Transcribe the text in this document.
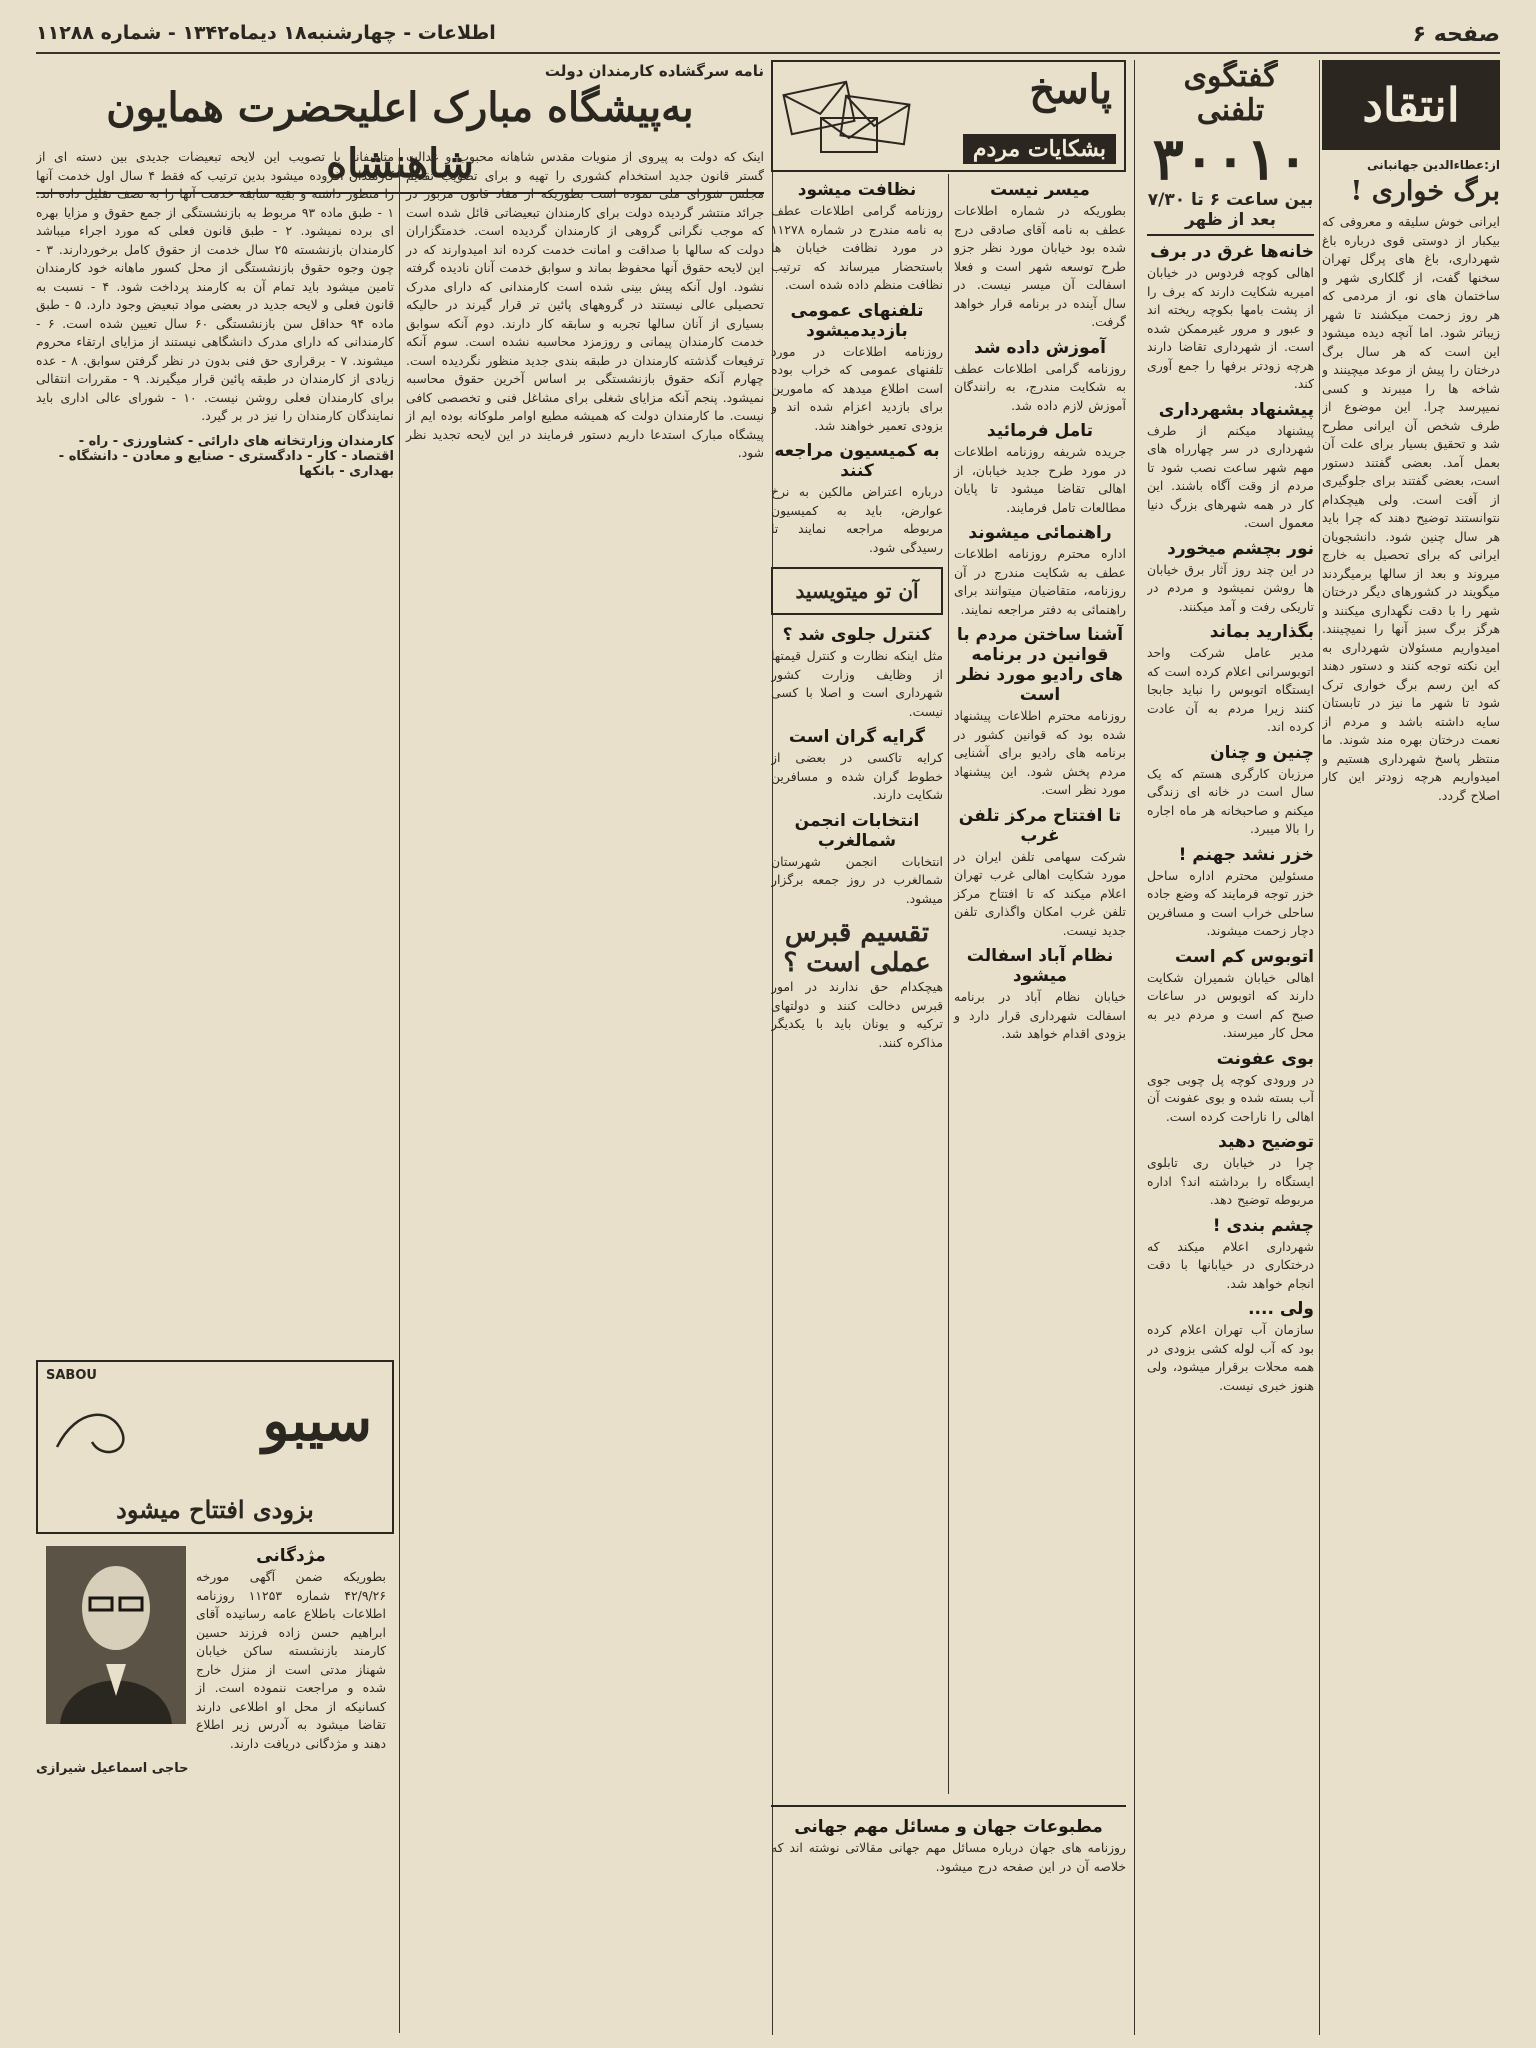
صفحه ۶
اطلاعات - چهارشنبه۱۸ دیماه۱۳۴۲ - شماره ۱۱۲۸۸
انتقاد
از:عطاءالدین جهانبانی
برگ خواری !
ایرانی خوش سلیقه و معروفی که بیکبار از دوستی قوی درباره باغ شهرداری، باغ های پرگل تهران سخنها گفت، از گلکاری شهر و ساختمان های نو، از مردمی که هر روز زحمت میکشند تا شهر زیباتر شود. اما آنچه دیده میشود این است که هر سال برگ درختان را پیش از موعد میچینند و شاخه ها را میبرند و کسی نمیپرسد چرا. این موضوع از طرف شخص آن ایرانی مطرح شد و تحقیق بسیار برای علت آن بعمل آمد. بعضی گفتند دستور است، بعضی گفتند برای جلوگیری از آفت است. ولی هیچکدام نتوانستند توضیح دهند که چرا باید هر سال چنین شود. دانشجویان ایرانی که برای تحصیل به خارج میروند و بعد از سالها برمیگردند میگویند در کشورهای دیگر درختان شهر را با دقت نگهداری میکنند و هرگز برگ سبز آنها را نمیچینند. امیدواریم مسئولان شهرداری به این نکته توجه کنند و دستور دهند که این رسم برگ خواری ترک شود تا شهر ما نیز در تابستان سایه داشته باشد و مردم از نعمت درختان بهره مند شوند. ما منتظر پاسخ شهرداری هستیم و امیدواریم هرچه زودتر این کار اصلاح گردد.
گفتگوی تلفنی
۳۰۰۱۰
بین ساعت ۶ تا ۷/۳۰
بعد از ظهر
خانه‌ها غرق در برف
اهالی کوچه فردوس در خیابان امیریه شکایت دارند که برف را از پشت بامها بکوچه ریخته اند و عبور و مرور غیرممکن شده است. از شهرداری تقاضا دارند هرچه زودتر برفها را جمع آوری کند.
پیشنهاد بشهرداری
پیشنهاد میکنم از طرف شهرداری در سر چهارراه های مهم شهر ساعت نصب شود تا مردم از وقت آگاه باشند. این کار در همه شهرهای بزرگ دنیا معمول است.
نور بچشم میخورد
در این چند روز آثار برق خیابان ها روشن نمیشود و مردم در تاریکی رفت و آمد میکنند.
بگذارید بماند
مدیر عامل شرکت واحد اتوبوسرانی اعلام کرده است که ایستگاه اتوبوس را نباید جابجا کنند زیرا مردم به آن عادت کرده اند.
چنین و چنان
مرزبان کارگری هستم که یک سال است در خانه ای زندگی میکنم و صاحبخانه هر ماه اجاره را بالا میبرد.
خزر نشد جهنم !
مسئولین محترم اداره ساحل خزر توجه فرمایند که وضع جاده ساحلی خراب است و مسافرین دچار زحمت میشوند.
اتوبوس کم است
اهالی خیابان شمیران شکایت دارند که اتوبوس در ساعات صبح کم است و مردم دیر به محل کار میرسند.
بوی عفونت
در ورودی کوچه پل چوبی جوی آب بسته شده و بوی عفونت آن اهالی را ناراحت کرده است.
توضیح دهید
چرا در خیابان ری تابلوی ایستگاه را برداشته اند؟ اداره مربوطه توضیح دهد.
چشم بندی !
شهرداری اعلام میکند که درختکاری در خیابانها با دقت انجام خواهد شد.
ولی ....
سازمان آب تهران اعلام کرده بود که آب لوله کشی بزودی در همه محلات برقرار میشود، ولی هنوز خبری نیست.
پاسخ
بشکایات مردم
میسر نیست
بطوریکه در شماره اطلاعات عطف به نامه آقای صادقی درج شده بود خیابان مورد نظر جزو طرح توسعه شهر است و فعلا اسفالت آن میسر نیست. در سال آینده در برنامه قرار خواهد گرفت.
آموزش داده شد
روزنامه گرامی اطلاعات عطف به شکایت مندرج، به رانندگان آموزش لازم داده شد.
تامل فرمائید
جریده شریفه روزنامه اطلاعات در مورد طرح جدید خیابان، از اهالی تقاضا میشود تا پایان مطالعات تامل فرمایند.
راهنمائی میشوند
اداره محترم روزنامه اطلاعات عطف به شکایت مندرج در آن روزنامه، متقاضیان میتوانند برای راهنمائی به دفتر مراجعه نمایند.
آشنا ساختن مردم با قوانین در برنامه های رادیو مورد نظر است
روزنامه محترم اطلاعات پیشنهاد شده بود که قوانین کشور در برنامه های رادیو برای آشنایی مردم پخش شود. این پیشنهاد مورد نظر است.
تا افتتاح مرکز تلفن غرب
شرکت سهامی تلفن ایران در مورد شکایت اهالی غرب تهران اعلام میکند که تا افتتاح مرکز تلفن غرب امکان واگذاری تلفن جدید نیست.
نظام آباد اسفالت میشود
خیابان نظام آباد در برنامه اسفالت شهرداری قرار دارد و بزودی اقدام خواهد شد.
نظافت میشود
روزنامه گرامی اطلاعات عطف به نامه مندرج در شماره ۱۱۲۷۸ در مورد نظافت خیابان ها باستحضار میرساند که ترتیب نظافت منظم داده شده است.
تلفنهای عمومی بازدیدمیشود
روزنامه اطلاعات در مورد تلفنهای عمومی که خراب بوده است اطلاع میدهد که مامورین برای بازدید اعزام شده اند و بزودی تعمیر خواهند شد.
به کمیسیون مراجعه کنند
درباره اعتراض مالکین به نرخ عوارض، باید به کمیسیون مربوطه مراجعه نمایند تا رسیدگی شود.
آن تو میتویسید
کنترل جلوی شد ؟
مثل اینکه نظارت و کنترل قیمتها از وظایف وزارت کشور شهرداری است و اصلا با کسی نیست.
گرایه گران است
کرایه تاکسی در بعضی از خطوط گران شده و مسافرین شکایت دارند.
انتخابات انجمن شمالغرب
انتخابات انجمن شهرستان شمالغرب در روز جمعه برگزار میشود.
تقسیم قبرس عملی است ؟
هیچکدام حق ندارند در امور قبرس دخالت کنند و دولتهای ترکیه و یونان باید با یکدیگر مذاکره کنند.
مطبوعات جهان و مسائل مهم جهانی
روزنامه های جهان درباره مسائل مهم جهانی مقالاتی نوشته اند که خلاصه آن در این صفحه درج میشود.
نامه سرگشاده کارمندان دولت
به‌پیشگاه مبارک اعلیحضرت همایون شاهنشاه
اینک که دولت به پیروی از منویات مقدس شاهانه محبوب و عدالت گستر قانون جدید استخدام کشوری را تهیه و برای تصویب تقدیم مجلس شورای ملی نموده است بطوریکه از مفاد قانون مزبور در جرائد منتشر گردیده دولت برای کارمندان تبعیضاتی قائل شده است که موجب نگرانی گروهی از کارمندان گردیده است. خدمتگزاران دولت که سالها با صداقت و امانت خدمت کرده اند امیدوارند که در این لایحه حقوق آنها محفوظ بماند و سوابق خدمت آنان نادیده گرفته نشود. اول آنکه پیش بینی شده است کارمندانی که دارای مدرک تحصیلی عالی نیستند در گروههای پائین تر قرار گیرند در حالیکه بسیاری از آنان سالها تجربه و سابقه کار دارند. دوم آنکه سوابق خدمت کارمندان پیمانی و روزمزد محاسبه نشده است. سوم آنکه ترفیعات گذشته کارمندان در طبقه بندی جدید منظور نگردیده است. چهارم آنکه حقوق بازنشستگی بر اساس آخرین حقوق محاسبه نمیشود. پنجم آنکه مزایای شغلی برای مشاغل فنی و تخصصی کافی نیست. ما کارمندان دولت که همیشه مطیع اوامر ملوکانه بوده ایم از پیشگاه مبارک استدعا داریم دستور فرمایند در این لایحه تجدید نظر شود.
متاسفانه با تصویب این لایحه تبعیضات جدیدی بین دسته ای از کارمندان افزوده میشود بدین ترتیب که فقط ۴ سال اول خدمت آنها را منظور داشته و بقیه سابقه خدمت آنها را به نصف تقلیل داده اند. ۱ - طبق ماده ۹۳ مربوط به بازنشستگی از جمع حقوق و مزایا بهره ای برده نمیشود. ۲ - طبق قانون فعلی که مورد اجراء میباشد کارمندان بازنشسته ۲۵ سال خدمت از حقوق کامل برخوردارند. ۳ - چون وجوه حقوق بازنشستگی از محل کسور ماهانه خود کارمندان تامین میشود باید تمام آن به کارمند پرداخت شود. ۴ - نسبت به قانون فعلی و لایحه جدید در بعضی مواد تبعیض وجود دارد. ۵ - طبق ماده ۹۴ حداقل سن بازنشستگی ۶۰ سال تعیین شده است. ۶ - کارمندانی که دارای مدرک دانشگاهی نیستند از مزایای ارتقاء محروم میشوند. ۷ - برقراری حق فنی بدون در نظر گرفتن سوابق. ۸ - عده زیادی از کارمندان در طبقه پائین قرار میگیرند. ۹ - مقررات انتقالی برای کارمندان فعلی روشن نیست. ۱۰ - شورای عالی اداری باید نمایندگان کارمندان را نیز در بر گیرد.
کارمندان وزارتخانه های دارائی - کشاورزی - راه - اقتصاد - کار - دادگستری - صنایع و معادن - دانشگاه - بهداری - بانکها
SABOU
سیبو
بزودی افتتاح میشود
مژدگانی
بطوریکه ضمن آگهی مورخه ۴۲/۹/۲۶ شماره ۱۱۲۵۳ روزنامه اطلاعات باطلاع عامه رسانیده آقای ابراهیم حسن زاده فرزند حسین کارمند بازنشسته ساکن خیابان شهناز مدتی است از منزل خارج شده و مراجعت ننموده است. از کسانیکه از محل او اطلاعی دارند تقاضا میشود به آدرس زیر اطلاع دهند و مژدگانی دریافت دارند.
حاجی اسماعیل شیرازی
